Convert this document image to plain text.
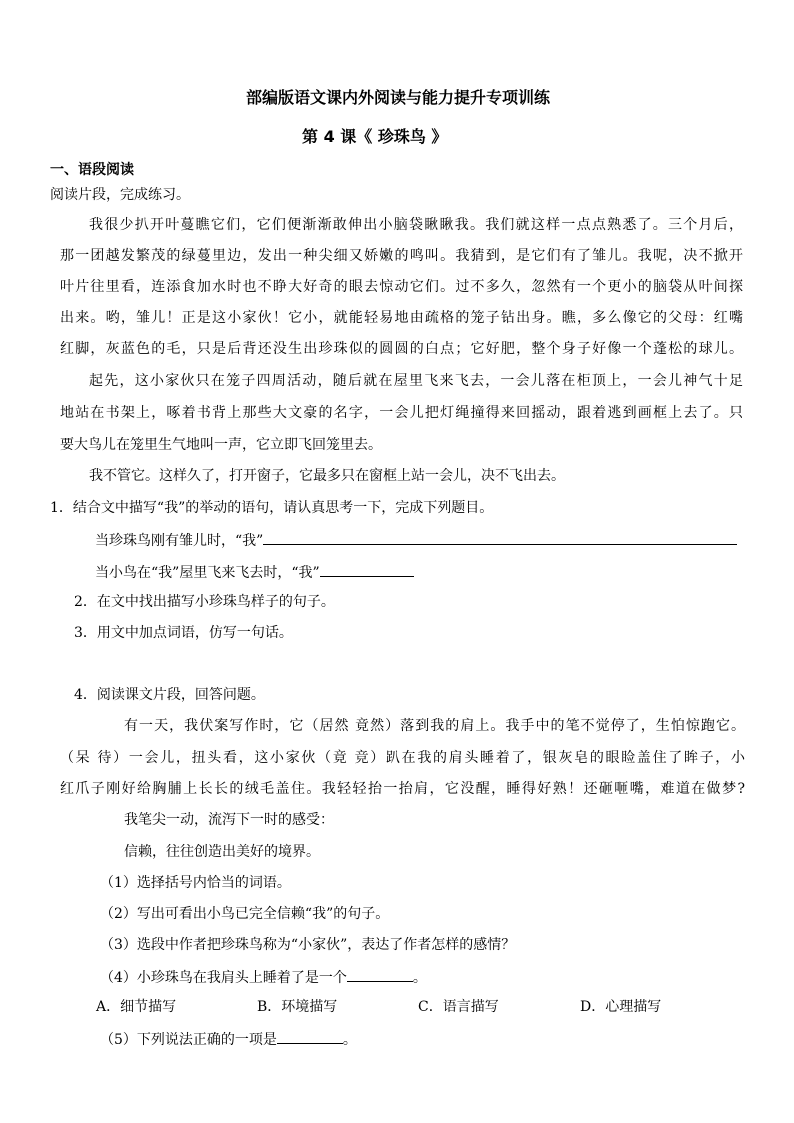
部编版语文课内外阅读与能力提升专项训练
第 4 课《 珍珠鸟 》
一、语段阅读
阅读片段，完成练习。
我很少扒开叶蔓瞧它们，它们便渐渐敢伸出小脑袋瞅瞅我。我们就这样一点点熟悉了。三个月后，
那一团越发繁茂的绿蔓里边，发出一种尖细又娇嫩的鸣叫。我猜到，是它们有了雏儿。我呢，决不掀开
叶片往里看，连添食加水时也不睁大好奇的眼去惊动它们。过不多久，忽然有一个更小的脑袋从叶间探
出来。哟，雏儿！正是这小家伙！它小，就能轻易地由疏格的笼子钻出身。瞧，多么像它的父母：红嘴
红脚，灰蓝色的毛，只是后背还没生出珍珠似的圆圆的白点；它好肥，整个身子好像一个蓬松的球儿。
起先，这小家伙只在笼子四周活动，随后就在屋里飞来飞去，一会儿落在柜顶上，一会儿神气十足
地站在书架上，啄着书背上那些大文豪的名字，一会儿把灯绳撞得来回摇动，跟着逃到画框上去了。只
要大鸟儿在笼里生气地叫一声，它立即飞回笼里去。
我不管它。这样久了，打开窗子，它最多只在窗框上站一会儿，决不飞出去。
1．结合文中描写“我”的举动的语句，请认真思考一下，完成下列题目。
当珍珠鸟刚有雏儿时，“我”
当小鸟在“我”屋里飞来飞去时，“我”
2．在文中找出描写小珍珠鸟样子的句子。
3．用文中加点词语，仿写一句话。
4．阅读课文片段，回答问题。
有一天，我伏案写作时，它（居然 竟然）落到我的肩上。我手中的笔不觉停了，生怕惊跑它。
（呆 待）一会儿，扭头看，这小家伙（竟 竞）趴在我的肩头睡着了，银灰皂的眼睑盖住了眸子，小
红爪子刚好给胸脯上长长的绒毛盖住。我轻轻抬一抬肩，它没醒，睡得好熟！还砸咂嘴，难道在做梦?
我笔尖一动，流泻下一时的感受：
信赖，往往创造出美好的境界。
（1）选择括号内恰当的词语。
（2）写出可看出小鸟已完全信赖“我”的句子。
（3）选段中作者把珍珠鸟称为“小家伙”，表达了作者怎样的感情？
（4）小珍珠鸟在我肩头上睡着了是一个	。
A．细节描写	B．环境描写	C．语言描写	D．心理描写
（5）下列说法正确的一项是	。
